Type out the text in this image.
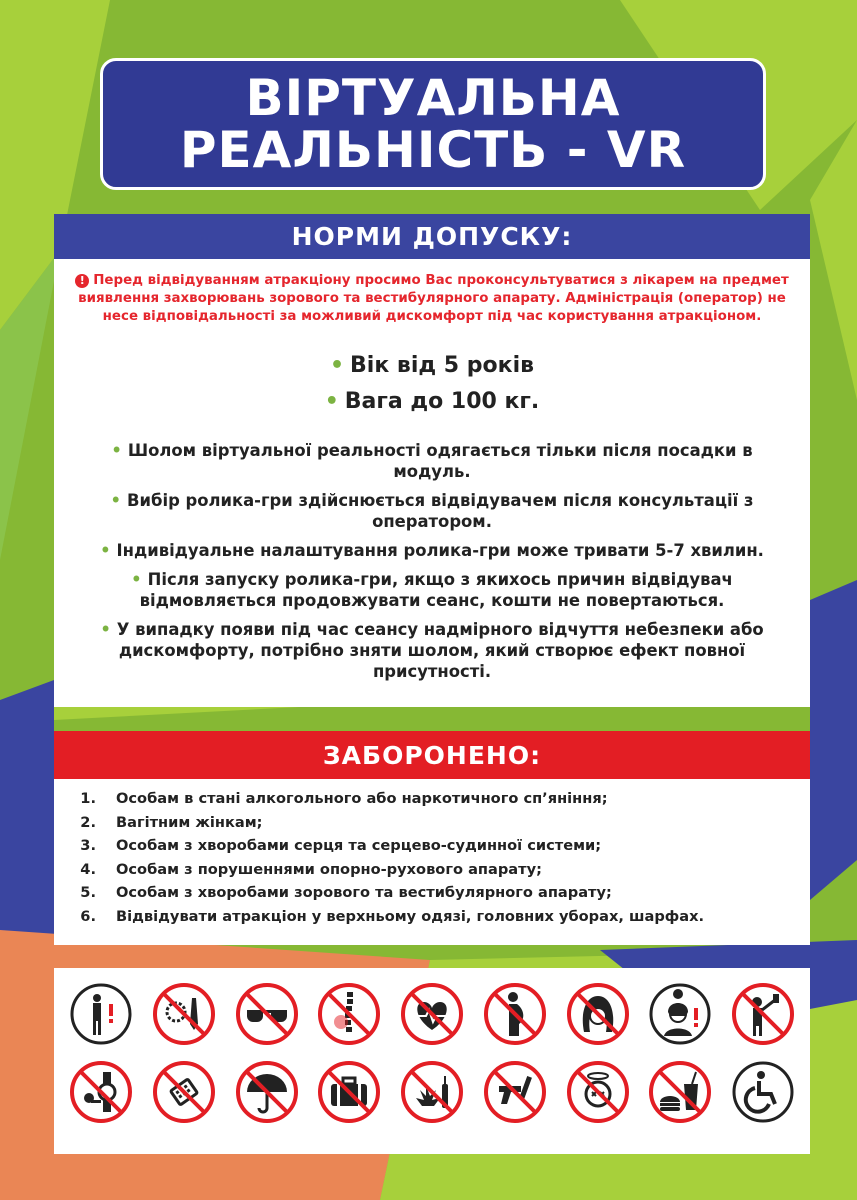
ВІРТУАЛЬНА
РЕАЛЬНІСТЬ - VR
НОРМИ ДОПУСКУ:
! Перед відвідуванням атракціону просимо Вас проконсультуватися з лікарем на предмет виявлення захворювань зорового та вестибулярного апарату. Адміністрація (оператор) не несе відповідальності за можливий дискомфорт під час користування атракціоном.
• Вік від 5 років
• Вага до 100 кг.
• Шолом віртуальної реальності одягається тільки після посадки в модуль.
• Вибір ролика-гри здійснюється відвідувачем після консультації з оператором.
• Індивідуальне налаштування ролика-гри може тривати 5-7 хвилин.
• Після запуску ролика-гри, якщо з якихось причин відвідувач відмовляється продовжувати сеанс, кошти не повертаються.
• У випадку появи під час сеансу надмірного відчуття небезпеки або дискомфорту, потрібно зняти шолом, який створює ефект повної присутності.
ЗАБОРОНЕНО:
1.	Особам в стані алкогольного або наркотичного сп’яніння;
2.	Вагітним жінкам;
3.	Особам з хворобами серця та серцево-судинної системи;
4.	Особам з порушеннями опорно-рухового апарату;
5.	Особам з хворобами зорового та вестибулярного апарату;
6.	Відвідувати атракціон у верхньому одязі, головних уборах, шарфах.
